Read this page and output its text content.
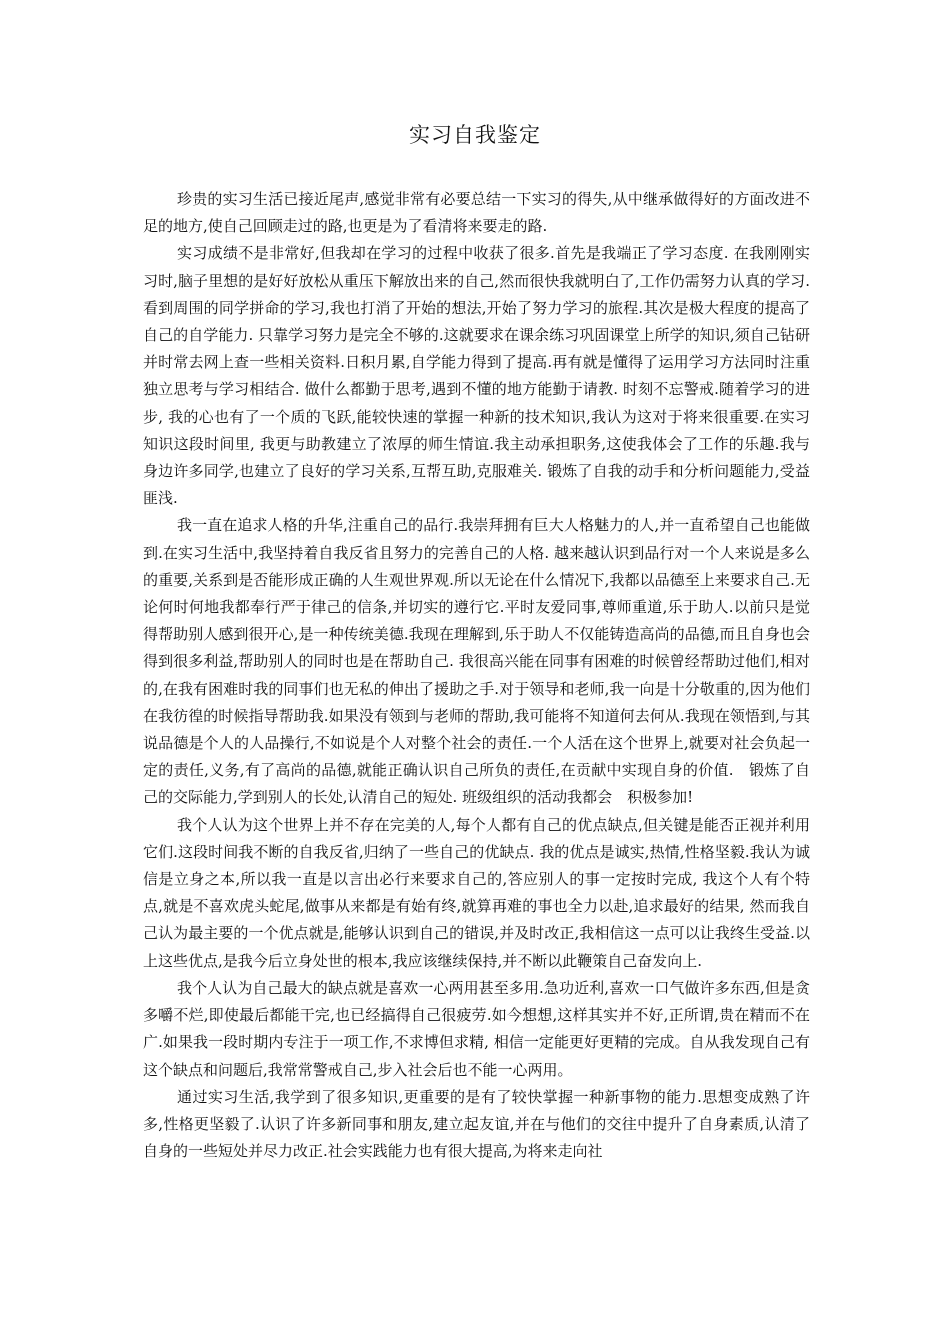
实习自我鉴定

珍贵的实习生活已接近尾声,感觉非常有必要总结一下实习的得失,从中继承做得好的方面改进不足的地方,使自己回顾走过的路,也更是为了看清将来要走的路.

实习成绩不是非常好,但我却在学习的过程中收获了很多.首先是我端正了学习态度. 在我刚刚实习时,脑子里想的是好好放松从重压下解放出来的自己,然而很快我就明白了,工作仍需努力认真的学习.看到周围的同学拼命的学习,我也打消了开始的想法,开始了努力学习的旅程.其次是极大程度的提高了自己的自学能力. 只靠学习努力是完全不够的.这就要求在课余练习巩固课堂上所学的知识,须自己钻研并时常去网上查一些相关资料.日积月累,自学能力得到了提高.再有就是懂得了运用学习方法同时注重独立思考与学习相结合. 做什么都勤于思考,遇到不懂的地方能勤于请教. 时刻不忘警戒.随着学习的进步, 我的心也有了一个质的飞跃,能较快速的掌握一种新的技术知识,我认为这对于将来很重要.在实习知识这段时间里, 我更与助教建立了浓厚的师生情谊.我主动承担职务,这使我体会了工作的乐趣.我与身边许多同学,也建立了良好的学习关系,互帮互助,克服难关. 锻炼了自我的动手和分析问题能力,受益匪浅.

我一直在追求人格的升华,注重自己的品行.我崇拜拥有巨大人格魅力的人,并一直希望自己也能做到.在实习生活中,我坚持着自我反省且努力的完善自己的人格. 越来越认识到品行对一个人来说是多么的重要,关系到是否能形成正确的人生观世界观.所以无论在什么情况下,我都以品德至上来要求自己.无论何时何地我都奉行严于律己的信条,并切实的遵行它.平时友爱同事,尊师重道,乐于助人.以前只是觉得帮助别人感到很开心,是一种传统美德.我现在理解到,乐于助人不仅能铸造高尚的品德,而且自身也会得到很多利益,帮助别人的同时也是在帮助自己. 我很高兴能在同事有困难的时候曾经帮助过他们,相对的,在我有困难时我的同事们也无私的伸出了援助之手.对于领导和老师,我一向是十分敬重的,因为他们在我彷徨的时候指导帮助我.如果没有领到与老师的帮助,我可能将不知道何去何从.我现在领悟到,与其说品德是个人的人品操行,不如说是个人对整个社会的责任.一个人活在这个世界上,就要对社会负起一定的责任,义务,有了高尚的品德,就能正确认识自己所负的责任,在贡献中实现自身的价值.　锻炼了自己的交际能力,学到别人的长处,认清自己的短处. 班级组织的活动我都会　积极参加!

我个人认为这个世界上并不存在完美的人,每个人都有自己的优点缺点,但关键是能否正视并利用它们.这段时间我不断的自我反省,归纳了一些自己的优缺点. 我的优点是诚实,热情,性格坚毅.我认为诚信是立身之本,所以我一直是以言出必行来要求自己的,答应别人的事一定按时完成, 我这个人有个特点,就是不喜欢虎头蛇尾,做事从来都是有始有终,就算再难的事也全力以赴,追求最好的结果, 然而我自己认为最主要的一个优点就是,能够认识到自己的错误,并及时改正,我相信这一点可以让我终生受益.以上这些优点,是我今后立身处世的根本,我应该继续保持,并不断以此鞭策自己奋发向上.

我个人认为自己最大的缺点就是喜欢一心两用甚至多用.急功近利,喜欢一口气做许多东西,但是贪多嚼不烂,即使最后都能干完,也已经搞得自己很疲劳.如今想想,这样其实并不好,正所谓,贵在精而不在广.如果我一段时期内专注于一项工作,不求博但求精, 相信一定能更好更精的完成。自从我发现自己有这个缺点和问题后,我常常警戒自己,步入社会后也不能一心两用。

通过实习生活,我学到了很多知识,更重要的是有了较快掌握一种新事物的能力.思想变成熟了许多,性格更坚毅了.认识了许多新同事和朋友,建立起友谊,并在与他们的交往中提升了自身素质,认清了自身的一些短处并尽力改正.社会实践能力也有很大提高,为将来走向社
